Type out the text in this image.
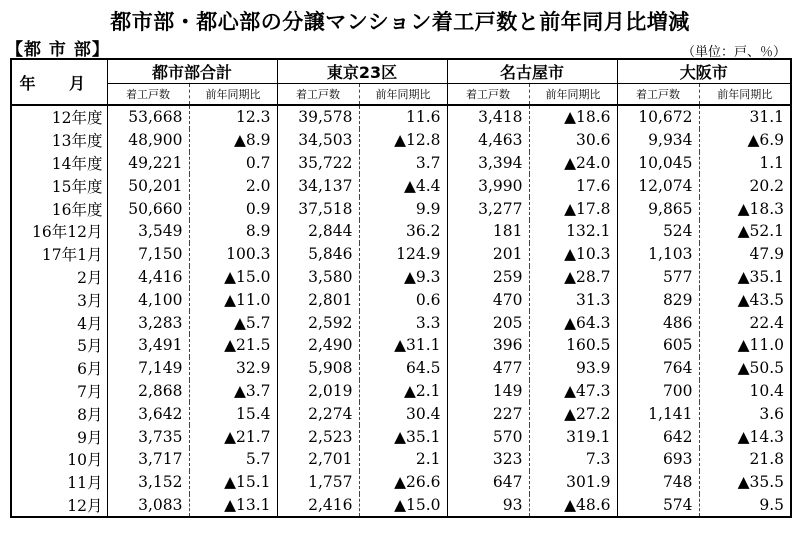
都市部・都心部の分譲マンション着工戸数と前年同月比増減
【都 市 部】	（単位：戸、％）
年 月	都市部合計		東京23区		名古屋市		大阪市	
	着工戸数	前年同期比	着工戸数	前年同期比	着工戸数	前年同期比	着工戸数	前年同期比
12年度	53,668	12.3	39,578	11.6	3,418	▲18.6	10,672	31.1
13年度	48,900	▲8.9	34,503	▲12.8	4,463	30.6	9,934	▲6.9
14年度	49,221	0.7	35,722	3.7	3,394	▲24.0	10,045	1.1
15年度	50,201	2.0	34,137	▲4.4	3,990	17.6	12,074	20.2
16年度	50,660	0.9	37,518	9.9	3,277	▲17.8	9,865	▲18.3
16年12月	3,549	8.9	2,844	36.2	181	132.1	524	▲52.1
17年1月	7,150	100.3	5,846	124.9	201	▲10.3	1,103	47.9
2月	4,416	▲15.0	3,580	▲9.3	259	▲28.7	577	▲35.1
3月	4,100	▲11.0	2,801	0.6	470	31.3	829	▲43.5
4月	3,283	▲5.7	2,592	3.3	205	▲64.3	486	22.4
5月	3,491	▲21.5	2,490	▲31.1	396	160.5	605	▲11.0
6月	7,149	32.9	5,908	64.5	477	93.9	764	▲50.5
7月	2,868	▲3.7	2,019	▲2.1	149	▲47.3	700	10.4
8月	3,642	15.4	2,274	30.4	227	▲27.2	1,141	3.6
9月	3,735	▲21.7	2,523	▲35.1	570	319.1	642	▲14.3
10月	3,717	5.7	2,701	2.1	323	7.3	693	21.8
11月	3,152	▲15.1	1,757	▲26.6	647	301.9	748	▲35.5
12月	3,083	▲13.1	2,416	▲15.0	93	▲48.6	574	9.5
